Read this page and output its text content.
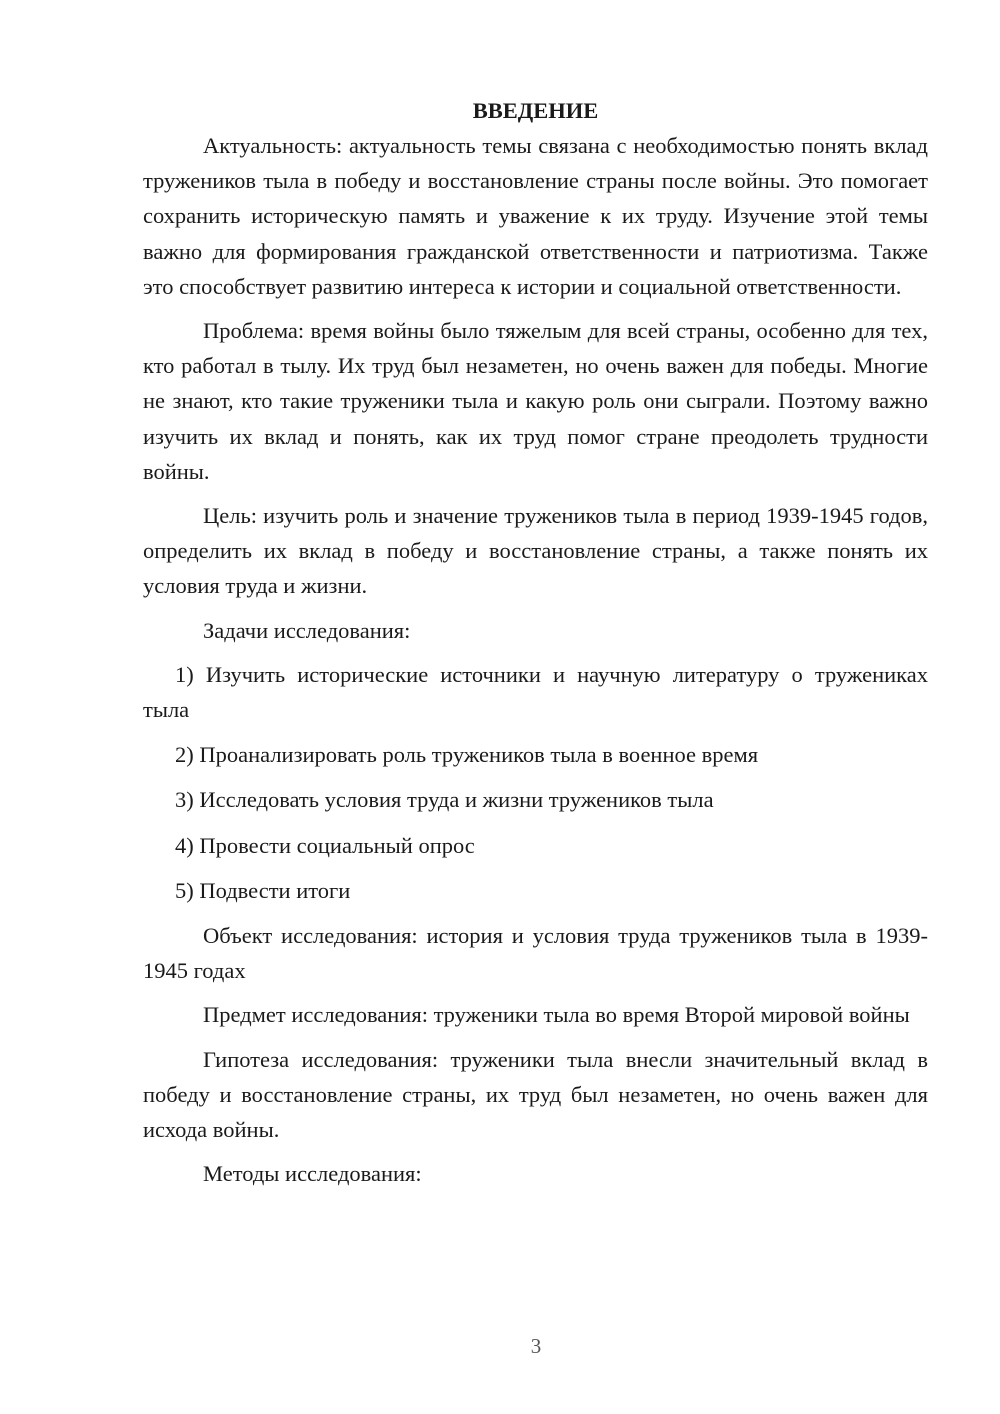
ВВЕДЕНИЕ

Актуальность: актуальность темы связана с необходимостью понять вклад тружеников тыла в победу и восстановление страны после войны. Это помогает сохранить историческую память и уважение к их труду. Изучение этой темы важно для формирования гражданской ответственности и патриотизма. Также это способствует развитию интереса к истории и социальной ответственности.

Проблема: время войны было тяжелым для всей страны, особенно для тех, кто работал в тылу. Их труд был незаметен, но очень важен для победы. Многие не знают, кто такие труженики тыла и какую роль они сыграли. Поэтому важно изучить их вклад и понять, как их труд помог стране преодолеть трудности войны.

Цель: изучить роль и значение тружеников тыла в период 1939-1945 годов, определить их вклад в победу и восстановление страны, а также понять их условия труда и жизни.

Задачи исследования:

1) Изучить исторические источники и научную литературу о тружениках тыла

2) Проанализировать роль тружеников тыла в военное время

3) Исследовать условия труда и жизни тружеников тыла

4) Провести социальный опрос

5) Подвести итоги

Объект исследования: история и условия труда тружеников тыла в 1939-1945 годах

Предмет исследования: труженики тыла во время Второй мировой войны

Гипотеза исследования: труженики тыла внесли значительный вклад в победу и восстановление страны, их труд был незаметен, но очень важен для исхода войны.

Методы исследования:

3
